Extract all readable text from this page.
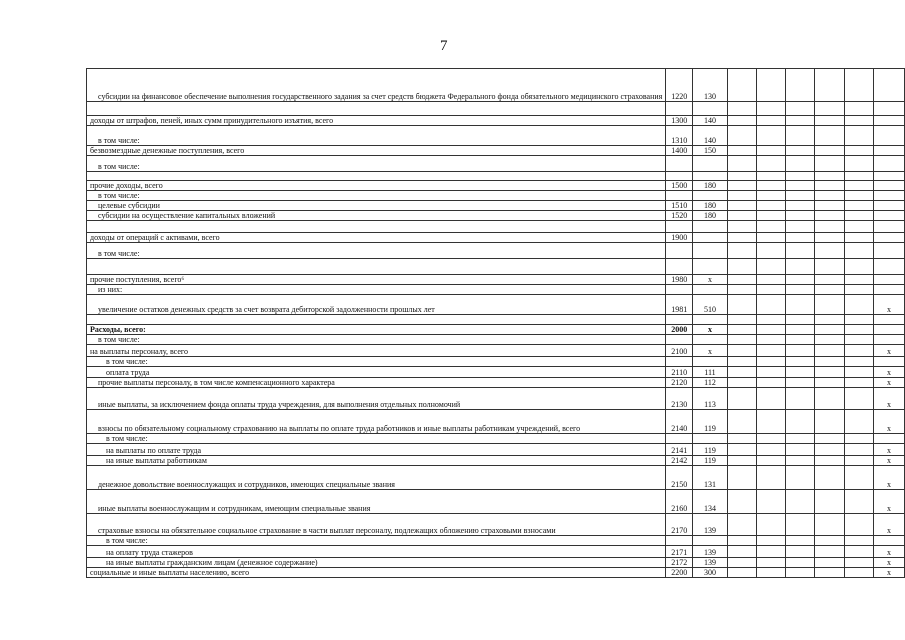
7
субсидии на финансовое обеспечение выполнения государственного задания за счет средств бюджета Федерального фонда обязательного медицинского страхования	1220	130						

доходы от штрафов, пеней, иных сумм принудительного изъятия, всего	1300	140						
в том числе:	1310	140						
безвозмездные денежные поступления, всего	1400	150						
в том числе:								

прочие доходы, всего	1500	180						
в том числе:								
целевые субсидии	1510	180						
субсидии на осуществление капитальных вложений	1520	180						

доходы от операций с активами, всего	1900							
в том числе:								

прочие поступления, всего⁶	1980	x						
из них:								
увеличение остатков денежных средств за счет возврата дебиторской задолженности прошлых лет	1981	510						x

Расходы, всего:	2000	x						
в том числе:								
на выплаты персоналу, всего	2100	x						x
в том числе:								
оплата труда	2110	111						x
прочие выплаты персоналу, в том числе компенсационного характера	2120	112						x
иные выплаты, за исключением фонда оплаты труда учреждения, для выполнения отдельных полномочий	2130	113						x
взносы по обязательному социальному страхованию на выплаты по оплате труда работников и иные выплаты работникам учреждений, всего	2140	119						x
в том числе:								
на выплаты по оплате труда	2141	119						x
на иные выплаты работникам	2142	119						x
денежное довольствие военнослужащих и сотрудников, имеющих специальные звания	2150	131						x
иные выплаты военнослужащим и сотрудникам, имеющим специальные звания	2160	134						x
страховые взносы на обязательное социальное страхование в части выплат персоналу, подлежащих обложению страховыми взносами	2170	139						x
в том числе:								
на оплату труда стажеров	2171	139						x
на иные выплаты гражданским лицам (денежное содержание)	2172	139						x
социальные и иные выплаты населению, всего	2200	300						x
